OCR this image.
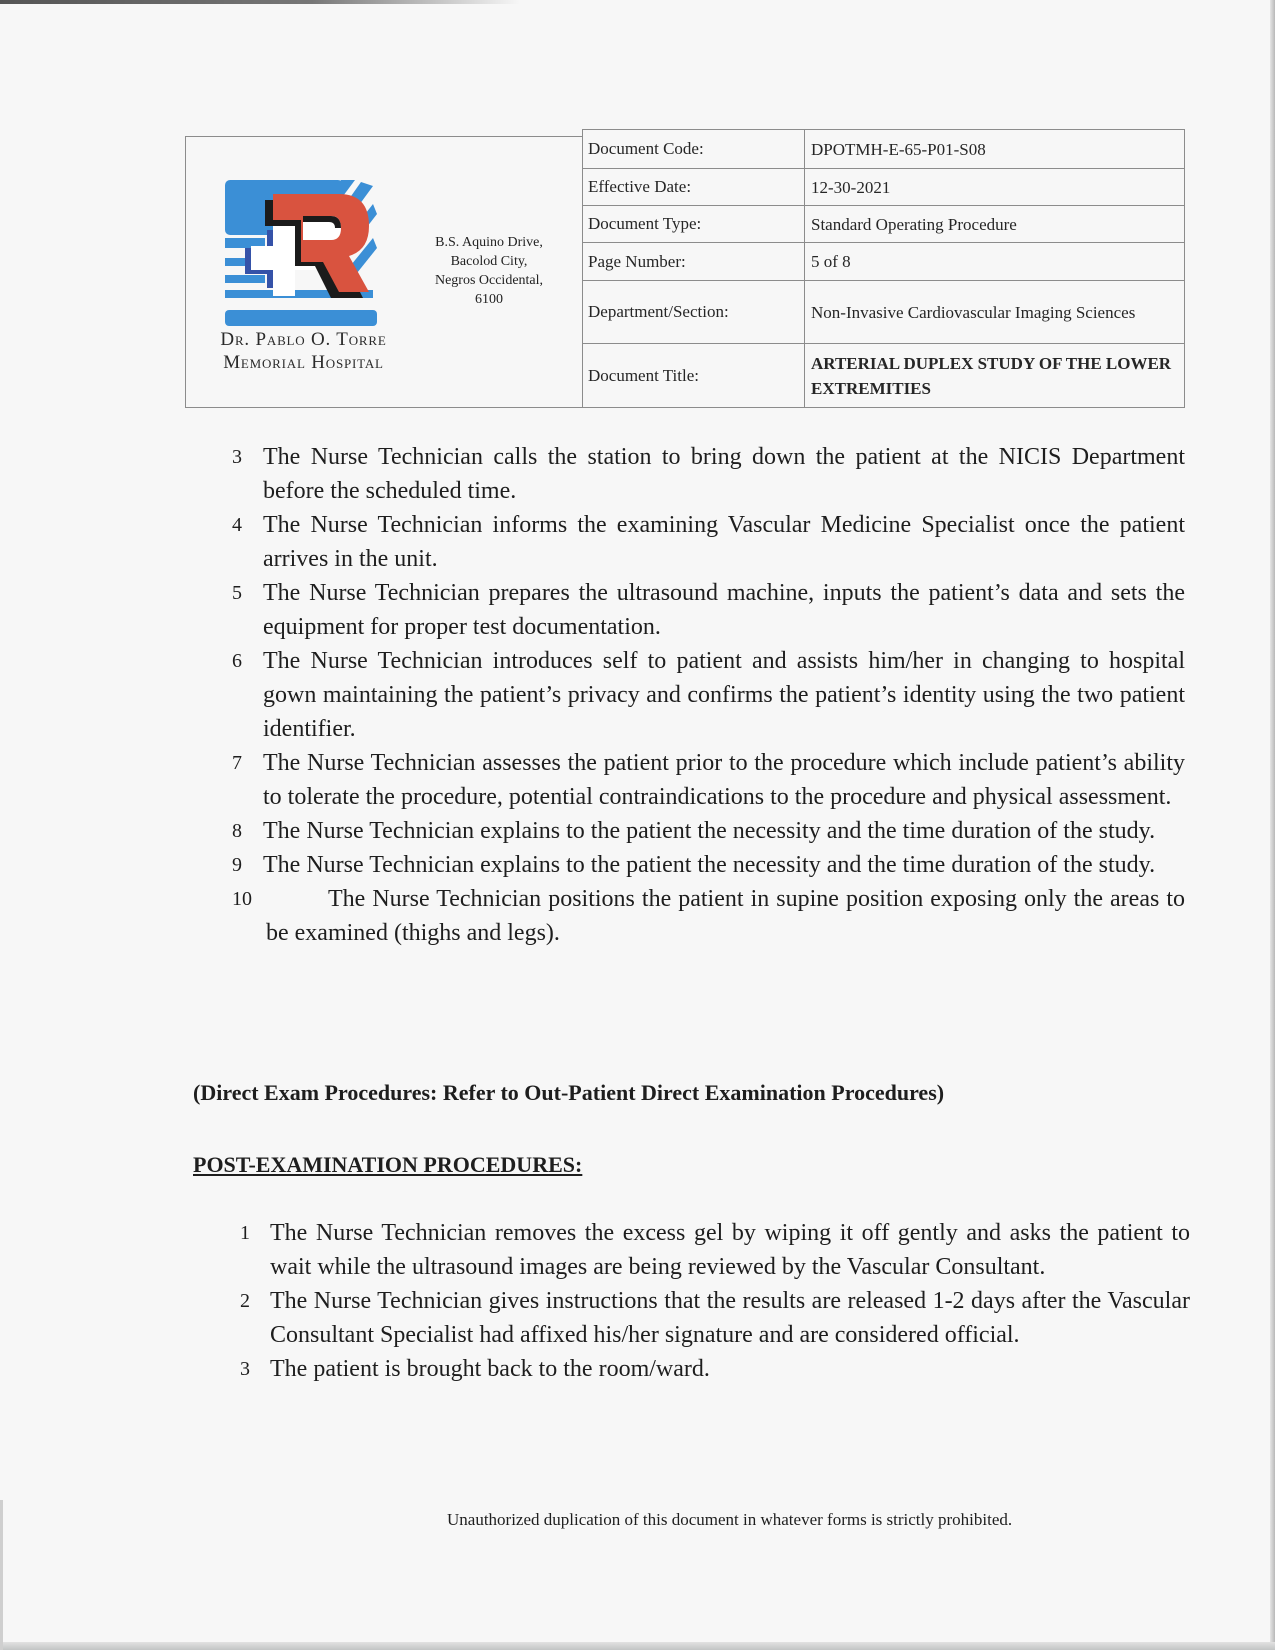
Dr. Pablo O. Torre
Memorial Hospital
B.S. Aquino Drive,
Bacolod City,
Negros Occidental,
6100
Document Code:	DPOTMH-E-65-P01-S08
Effective Date:	12-30-2021
Document Type:	Standard Operating Procedure
Page Number:	5 of 8
Department/Section:	Non-Invasive Cardiovascular Imaging Sciences
Document Title:	ARTERIAL DUPLEX STUDY OF THE LOWER EXTREMITIES
3 The Nurse Technician calls the station to bring down the patient at the NICIS Department before the scheduled time.
4 The Nurse Technician informs the examining Vascular Medicine Specialist once the patient arrives in the unit.
5 The Nurse Technician prepares the ultrasound machine, inputs the patient’s data and sets the equipment for proper test documentation.
6 The Nurse Technician introduces self to patient and assists him/her in changing to hospital gown maintaining the patient’s privacy and confirms the patient’s identity using the two patient identifier.
7 The Nurse Technician assesses the patient prior to the procedure which include patient’s ability to tolerate the procedure, potential contraindications to the procedure and physical assessment.
8 The Nurse Technician explains to the patient the necessity and the time duration of the study.
9 The Nurse Technician explains to the patient the necessity and the time duration of the study.
10	The Nurse Technician positions the patient in supine position exposing only the areas to be examined (thighs and legs).
(Direct Exam Procedures: Refer to Out-Patient Direct Examination Procedures)
POST-EXAMINATION PROCEDURES:
1 The Nurse Technician removes the excess gel by wiping it off gently and asks the patient to wait while the ultrasound images are being reviewed by the Vascular Consultant.
2 The Nurse Technician gives instructions that the results are released 1-2 days after the Vascular Consultant Specialist had affixed his/her signature and are considered official.
3 The patient is brought back to the room/ward.
Unauthorized duplication of this document in whatever forms is strictly prohibited.
